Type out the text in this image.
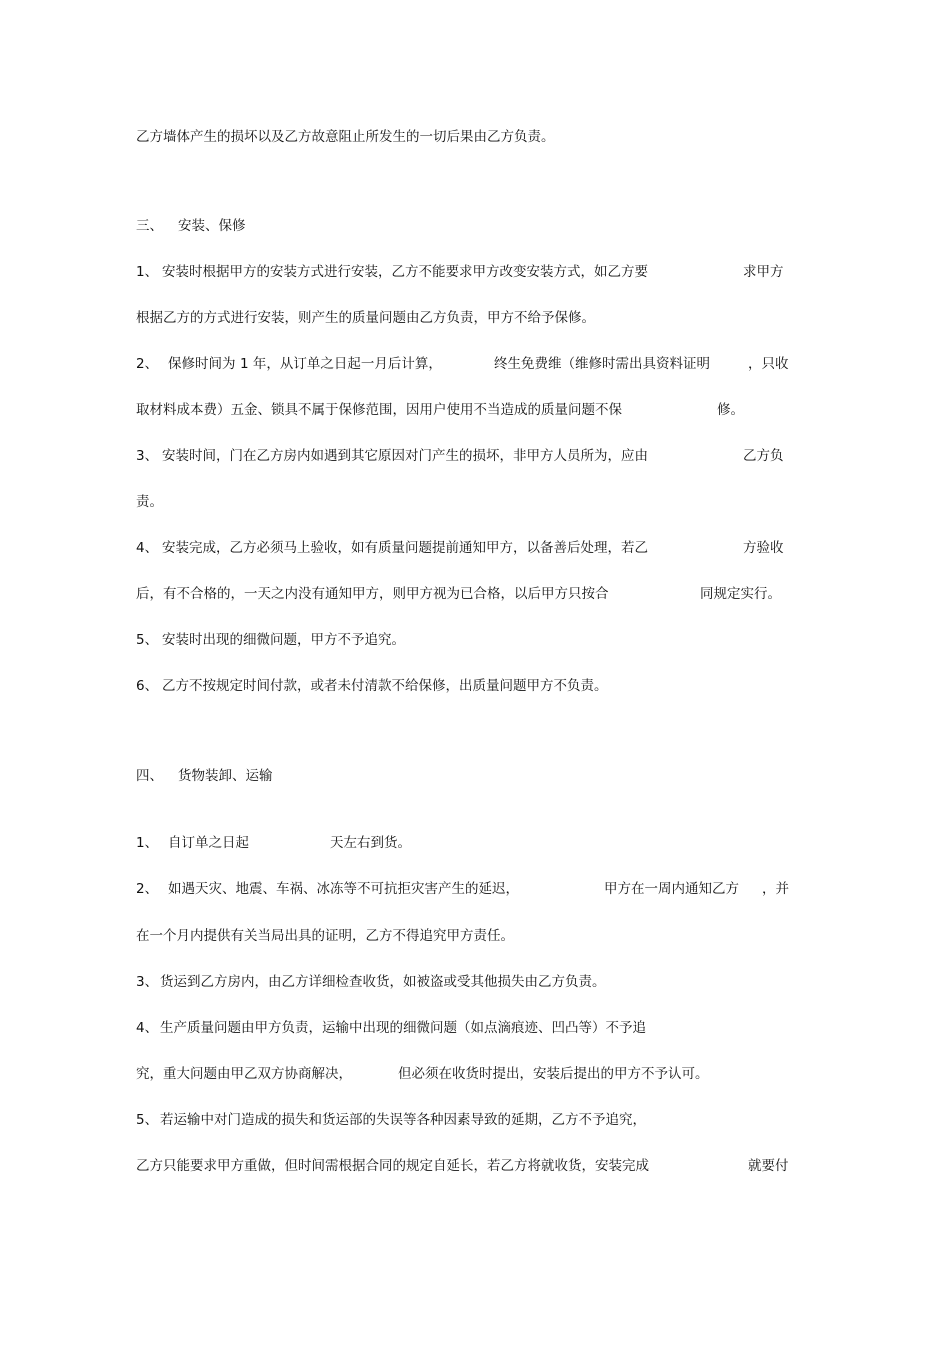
乙方墙体产生的损坏以及乙方故意阻止所发生的一切后果由乙方负责。
三、 安装、保修
1、 安装时根据甲方的安装方式进行安装，乙方不能要求甲方改变安装方式，如乙方要	求甲方
根据乙方的方式进行安装，则产生的质量问题由乙方负责，甲方不给予保修。
2、 保修时间为 1 年，从订单之日起一月后计算，	终生免费维（维修时需出具资料证明	，只收
取材料成本费）五金、锁具不属于保修范围，因用户使用不当造成的质量问题不保	修。
3、 安装时间，门在乙方房内如遇到其它原因对门产生的损坏，非甲方人员所为，应由	乙方负
责。
4、 安装完成，乙方必须马上验收，如有质量问题提前通知甲方，以备善后处理，若乙	方验收
后，有不合格的，一天之内没有通知甲方，则甲方视为已合格，以后甲方只按合	同规定实行。
5、 安装时出现的细微问题，甲方不予追究。
6、 乙方不按规定时间付款，或者未付清款不给保修，出质量问题甲方不负责。
四、 货物装卸、运输
1、 自订单之日起	天左右到货。
2、 如遇天灾、地震、车祸、冰冻等不可抗拒灾害产生的延迟，	甲方在一周内通知乙方 ，并
在一个月内提供有关当局出具的证明，乙方不得追究甲方责任。
3、 货运到乙方房内，由乙方详细检查收货，如被盗或受其他损失由乙方负责。
4、 生产质量问题由甲方负责，运输中出现的细微问题（如点滴痕迹、凹凸等）不予追
究，重大问题由甲乙双方协商解决，	但必须在收货时提出，安装后提出的甲方不予认可。
5、 若运输中对门造成的损失和货运部的失误等各种因素导致的延期，乙方不予追究，
乙方只能要求甲方重做，但时间需根据合同的规定自延长，若乙方将就收货，安装完成	就要付
